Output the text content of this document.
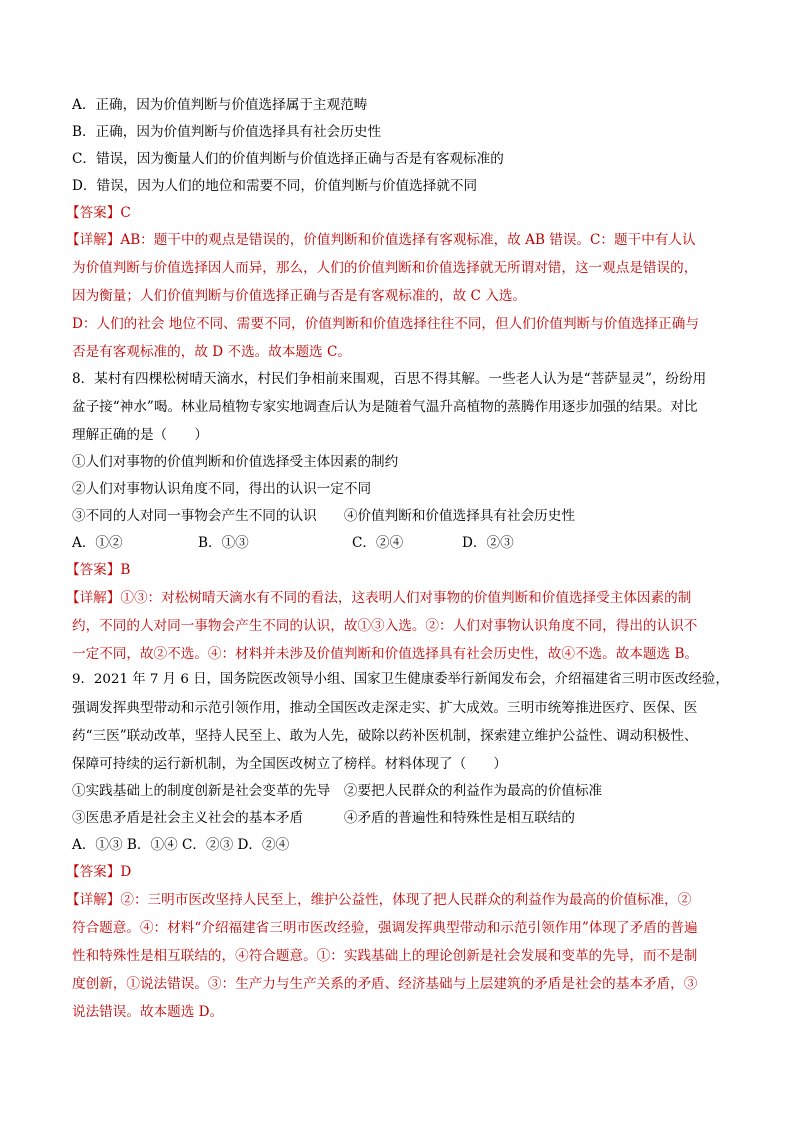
A．正确，因为价值判断与价值选择属于主观范畴
B．正确，因为价值判断与价值选择具有社会历史性
C．错误，因为衡量人们的价值判断与价值选择正确与否是有客观标准的
D．错误，因为人们的地位和需要不同，价值判断与价值选择就不同
【答案】C
【详解】AB：题干中的观点是错误的，价值判断和价值选择有客观标准，故 AB 错误。C：题干中有人认
为价值判断与价值选择因人而异，那么，人们的价值判断和价值选择就无所谓对错，这一观点是错误的，
因为衡量；人们价值判断与价值选择正确与否是有客观标准的，故 C 入选。
D：人们的社会 地位不同、需要不同，价值判断和价值选择往往不同，但人们价值判断与价值选择正确与
否是有客观标准的，故 D 不选。故本题选 C。
8．某村有四棵松树晴天滴水，村民们争相前来围观，百思不得其解。一些老人认为是“菩萨显灵”，纷纷用
盆子接“神水”喝。林业局植物专家实地调查后认为是随着气温升高植物的蒸腾作用逐步加强的结果。对比
理解正确的是（　　）
①人们对事物的价值判断和价值选择受主体因素的制约
②人们对事物认识角度不同，得出的认识一定不同
③不同的人对同一事物会产生不同的认识　　④价值判断和价值选择具有社会历史性
A．①②	B．①③	C．②④	D．②③
【答案】B
【详解】①③：对松树晴天滴水有不同的看法，这表明人们对事物的价值判断和价值选择受主体因素的制
约，不同的人对同一事物会产生不同的认识，故①③入选。②：人们对事物认识角度不同，得出的认识不
一定不同，故②不选。④：材料并未涉及价值判断和价值选择具有社会历史性，故④不选。故本题选 B。
9．2021 年 7 月 6 日，国务院医改领导小组、国家卫生健康委举行新闻发布会，介绍福建省三明市医改经验，
强调发挥典型带动和示范引领作用，推动全国医改走深走实、扩大成效。三明市统筹推进医疗、医保、医
药“三医”联动改革，坚持人民至上、敢为人先，破除以药补医机制，探索建立维护公益性、调动积极性、
保障可持续的运行新机制，为全国医改树立了榜样。材料体现了（　　）
①实践基础上的制度创新是社会变革的先导　②要把人民群众的利益作为最高的价值标准
③医患矛盾是社会主义社会的基本矛盾　　　④矛盾的普遍性和特殊性是相互联结的
A．①③ B．①④ C．②③ D．②④
【答案】D
【详解】②：三明市医改坚持人民至上，维护公益性，体现了把人民群众的利益作为最高的价值标准，②
符合题意。④：材料“介绍福建省三明市医改经验，强调发挥典型带动和示范引领作用”体现了矛盾的普遍
性和特殊性是相互联结的，④符合题意。①：实践基础上的理论创新是社会发展和变革的先导，而不是制
度创新，①说法错误。③：生产力与生产关系的矛盾、经济基础与上层建筑的矛盾是社会的基本矛盾，③
说法错误。故本题选 D。
